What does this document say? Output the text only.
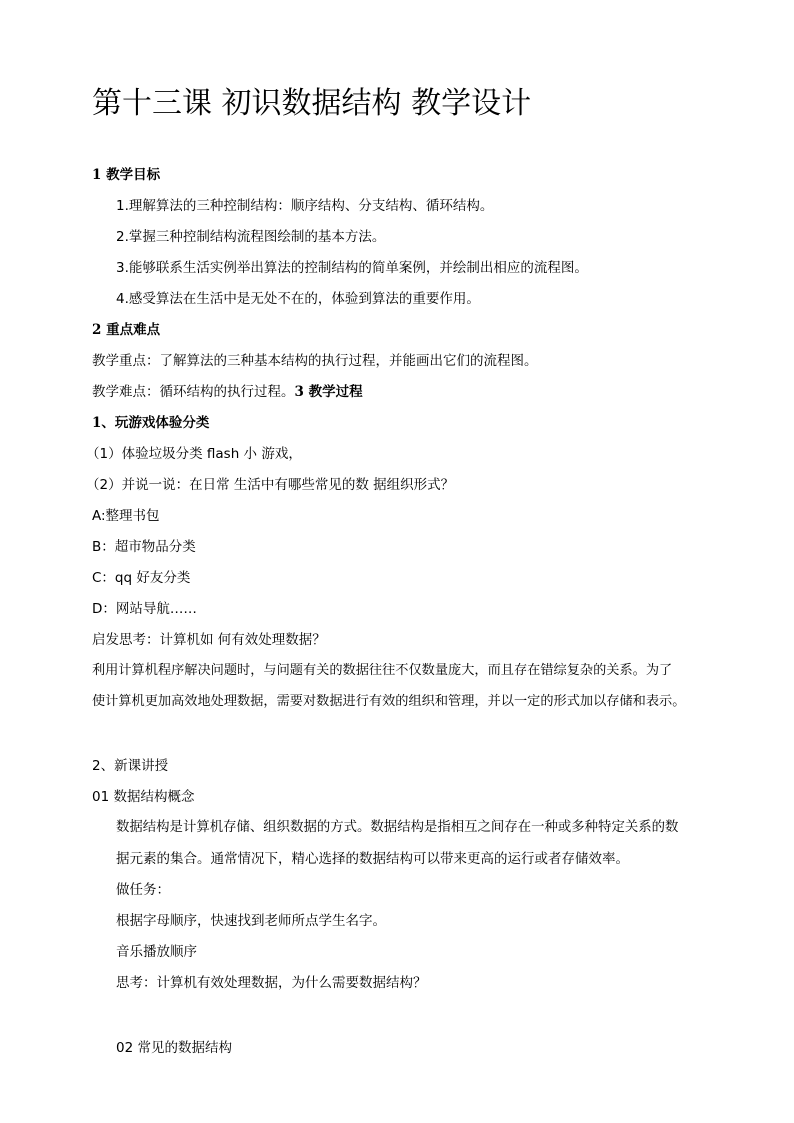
第十三课 初识数据结构 教学设计

1 教学目标

1.理解算法的三种控制结构：顺序结构、分支结构、循环结构。

2.掌握三种控制结构流程图绘制的基本方法。

3.能够联系生活实例举出算法的控制结构的简单案例，并绘制出相应的流程图。

4.感受算法在生活中是无处不在的，体验到算法的重要作用。

2 重点难点

教学重点：了解算法的三种基本结构的执行过程，并能画出它们的流程图。

教学难点：循环结构的执行过程。3 教学过程

1、玩游戏体验分类

（1）体验垃圾分类 flash 小 游戏，

（2）并说一说：在日常 生活中有哪些常见的数 据组织形式？

A:整理书包

B：超市物品分类

C：qq 好友分类

D：网站导航……

启发思考：计算机如 何有效处理数据？

利用计算机程序解决问题时，与问题有关的数据往往不仅数量庞大，而且存在错综复杂的关系。为了

使计算机更加高效地处理数据，需要对数据进行有效的组织和管理，并以一定的形式加以存储和表示。

2、新课讲授

01 数据结构概念

数据结构是计算机存储、组织数据的方式。数据结构是指相互之间存在一种或多种特定关系的数

据元素的集合。通常情况下，精心选择的数据结构可以带来更高的运行或者存储效率。

做任务：

根据字母顺序，快速找到老师所点学生名字。

音乐播放顺序

思考：计算机有效处理数据，为什么需要数据结构？

02 常见的数据结构
